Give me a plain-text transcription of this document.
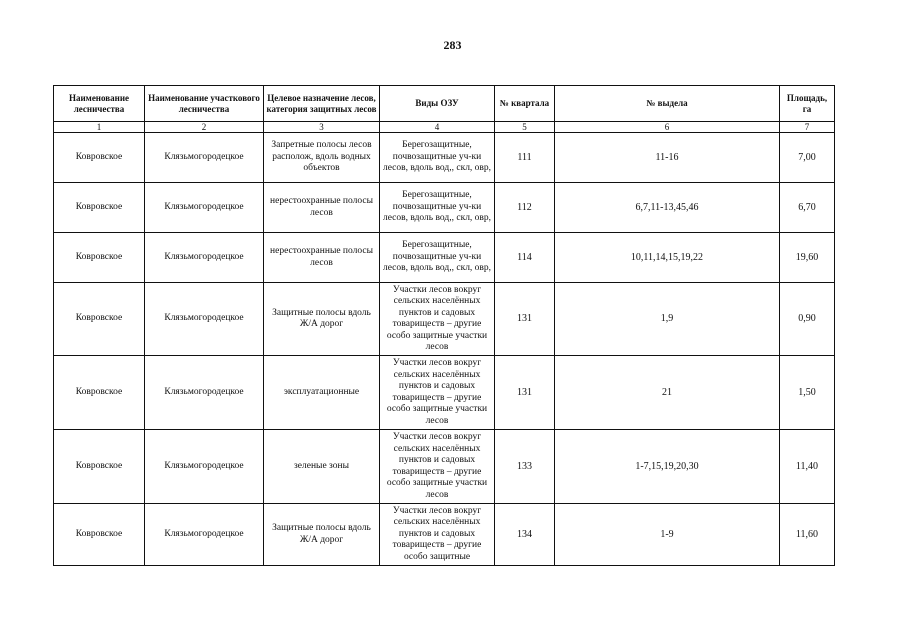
283
Наименование лесничества	Наименование участкового лесничества	Целевое назначение лесов, категория защитных лесов	Виды ОЗУ	№ квартала	№ выдела	Площадь, га
1	2	3	4	5	6	7
Ковровское	Клязьмогородецкое	Запретные полосы лесов располож, вдоль водных объектов	Берегозащитные, почвозащитные уч-ки лесов, вдоль вод,, скл, овр,	111	11-16	7,00
Ковровское	Клязьмогородецкое	нерестоохранные полосы лесов	Берегозащитные, почвозащитные уч-ки лесов, вдоль вод,, скл, овр,	112	6,7,11-13,45,46	6,70
Ковровское	Клязьмогородецкое	нерестоохранные полосы лесов	Берегозащитные, почвозащитные уч-ки лесов, вдоль вод,, скл, овр,	114	10,11,14,15,19,22	19,60
Ковровское	Клязьмогородецкое	Защитные полосы вдоль Ж/А дорог	Участки лесов вокруг сельских населённых пунктов и садовых товариществ – другие особо защитные участки лесов	131	1,9	0,90
Ковровское	Клязьмогородецкое	эксплуатационные	Участки лесов вокруг сельских населённых пунктов и садовых товариществ – другие особо защитные участки лесов	131	21	1,50
Ковровское	Клязьмогородецкое	зеленые зоны	Участки лесов вокруг сельских населённых пунктов и садовых товариществ – другие особо защитные участки лесов	133	1-7,15,19,20,30	11,40
Ковровское	Клязьмогородецкое	Защитные полосы вдоль Ж/А дорог	Участки лесов вокруг сельских населённых пунктов и садовых товариществ – другие особо защитные	134	1-9	11,60
